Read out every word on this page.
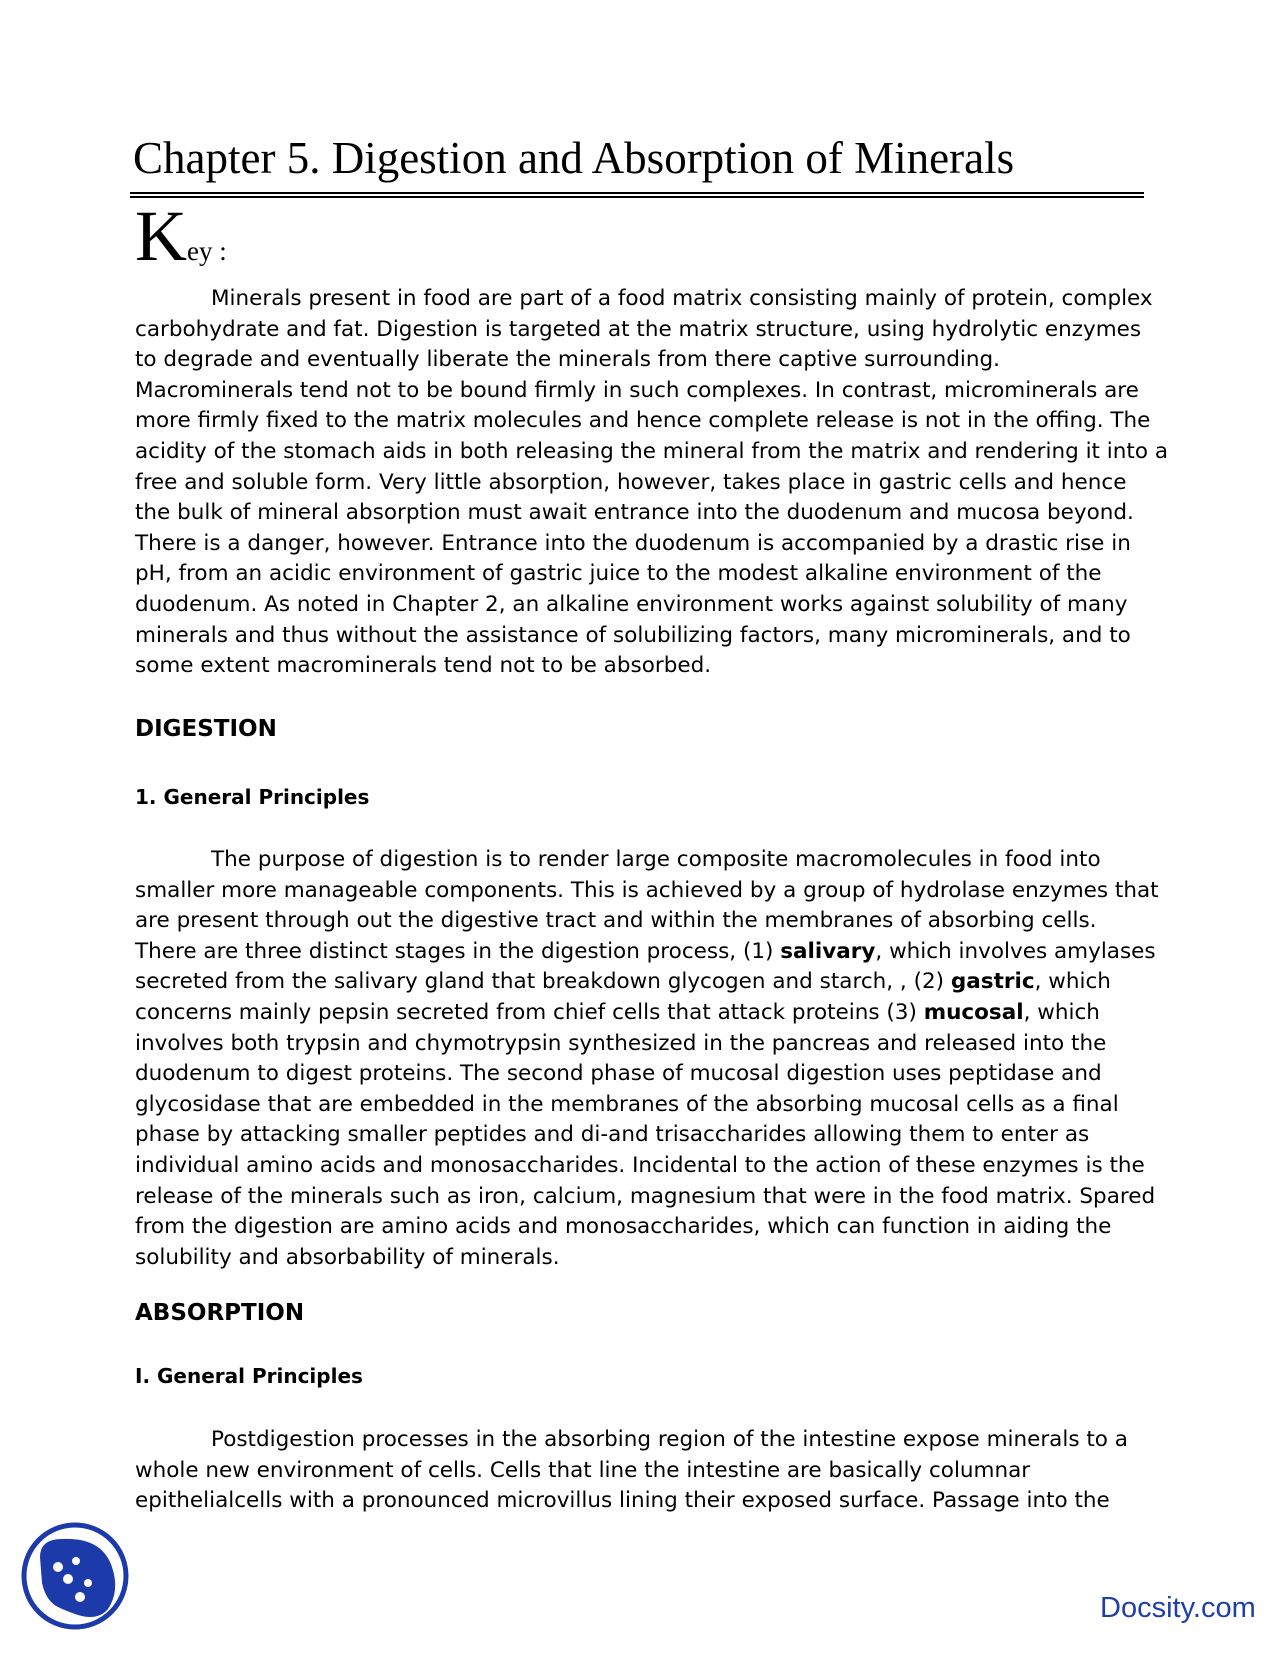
Chapter 5. Digestion and Absorption of Minerals
Key :

Minerals present in food are part of a food matrix consisting mainly of protein, complex
carbohydrate and fat. Digestion is targeted at the matrix structure, using hydrolytic enzymes
to degrade and eventually liberate the minerals from there captive surrounding.
Macrominerals tend not to be bound firmly in such complexes. In contrast, microminerals are
more firmly fixed to the matrix molecules and hence complete release is not in the offing. The
acidity of the stomach aids in both releasing the mineral from the matrix and rendering it into a
free and soluble form. Very little absorption, however, takes place in gastric cells and hence
the bulk of mineral absorption must await entrance into the duodenum and mucosa beyond.
There is a danger, however. Entrance into the duodenum is accompanied by a drastic rise in
pH, from an acidic environment of gastric juice to the modest alkaline environment of the
duodenum. As noted in Chapter 2, an alkaline environment works against solubility of many
minerals and thus without the assistance of solubilizing factors, many microminerals, and to
some extent macrominerals tend not to be absorbed.

DIGESTION
1. General Principles

The purpose of digestion is to render large composite macromolecules in food into
smaller more manageable components. This is achieved by a group of hydrolase enzymes that
are present through out the digestive tract and within the membranes of absorbing cells.
There are three distinct stages in the digestion process, (1) salivary, which involves amylases
secreted from the salivary gland that breakdown glycogen and starch, , (2) gastric, which
concerns mainly pepsin secreted from chief cells that attack proteins (3) mucosal, which
involves both trypsin and chymotrypsin synthesized in the pancreas and released into the
duodenum to digest proteins. The second phase of mucosal digestion uses peptidase and
glycosidase that are embedded in the membranes of the absorbing mucosal cells as a final
phase by attacking smaller peptides and di-and trisaccharides allowing them to enter as
individual amino acids and monosaccharides. Incidental to the action of these enzymes is the
release of the minerals such as iron, calcium, magnesium that were in the food matrix. Spared
from the digestion are amino acids and monosaccharides, which can function in aiding the
solubility and absorbability of minerals.

ABSORPTION
I. General Principles

Postdigestion processes in the absorbing region of the intestine expose minerals to a
whole new environment of cells. Cells that line the intestine are basically columnar
epithelialcells with a pronounced microvillus lining their exposed surface. Passage into the

Docsity.com
